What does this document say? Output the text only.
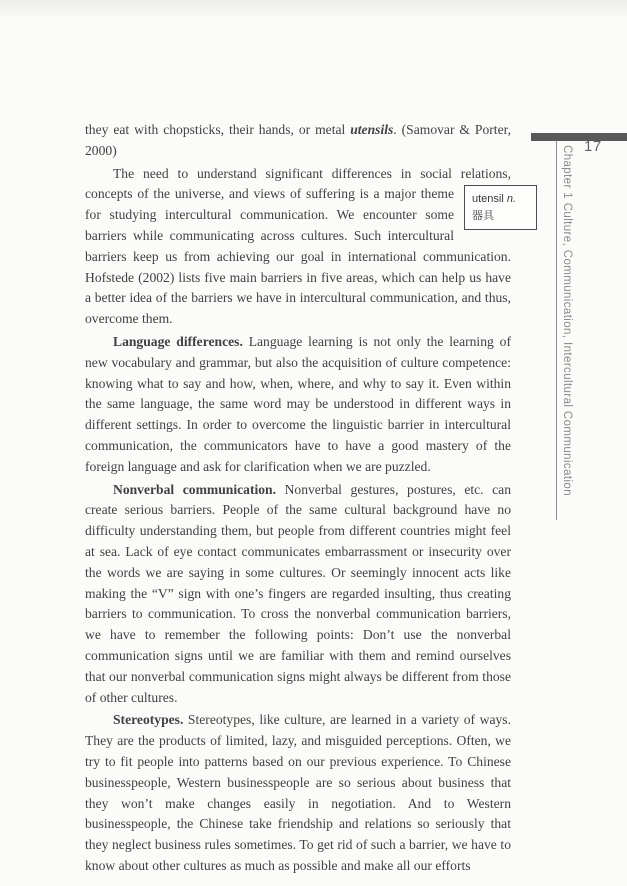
they eat with chopsticks, their hands, or metal utensils. (Samovar & Porter, 2000)

utensil n.
器具
The need to understand significant differences in social relations, concepts of the universe, and views of suffering is a major theme for studying intercultural communication. We encounter some barriers while communicating across cultures. Such intercultural barriers keep us from achieving our goal in international communication. Hofstede (2002) lists five main barriers in five areas, which can help us have a better idea of the barriers we have in intercultural communication, and thus, overcome them.

Language differences. Language learning is not only the learning of new vocabulary and grammar, but also the acquisition of culture competence: knowing what to say and how, when, where, and why to say it. Even within the same language, the same word may be understood in different ways in different settings. In order to overcome the linguistic barrier in intercultural communication, the communicators have to have a good mastery of the foreign language and ask for clarification when we are puzzled.

Nonverbal communication. Nonverbal gestures, postures, etc. can create serious barriers. People of the same cultural background have no difficulty understanding them, but people from different countries might feel at sea. Lack of eye contact communicates embarrassment or insecurity over the words we are saying in some cultures. Or seemingly innocent acts like making the “V” sign with one’s fingers are regarded insulting, thus creating barriers to communication. To cross the nonverbal communication barriers, we have to remember the following points: Don’t use the nonverbal communication signs until we are familiar with them and remind ourselves that our nonverbal communication signs might always be different from those of other cultures.

Stereotypes. Stereotypes, like culture, are learned in a variety of ways. They are the products of limited, lazy, and misguided perceptions. Often, we try to fit people into patterns based on our previous experience. To Chinese businesspeople, Western businesspeople are so serious about business that they won’t make changes easily in negotiation. And to Western businesspeople, the Chinese take friendship and relations so seriously that they neglect business rules sometimes. To get rid of such a barrier, we have to know about other cultures as much as possible and make all our efforts

17
Chapter 1 Culture, Communication, Intercultural Communication
